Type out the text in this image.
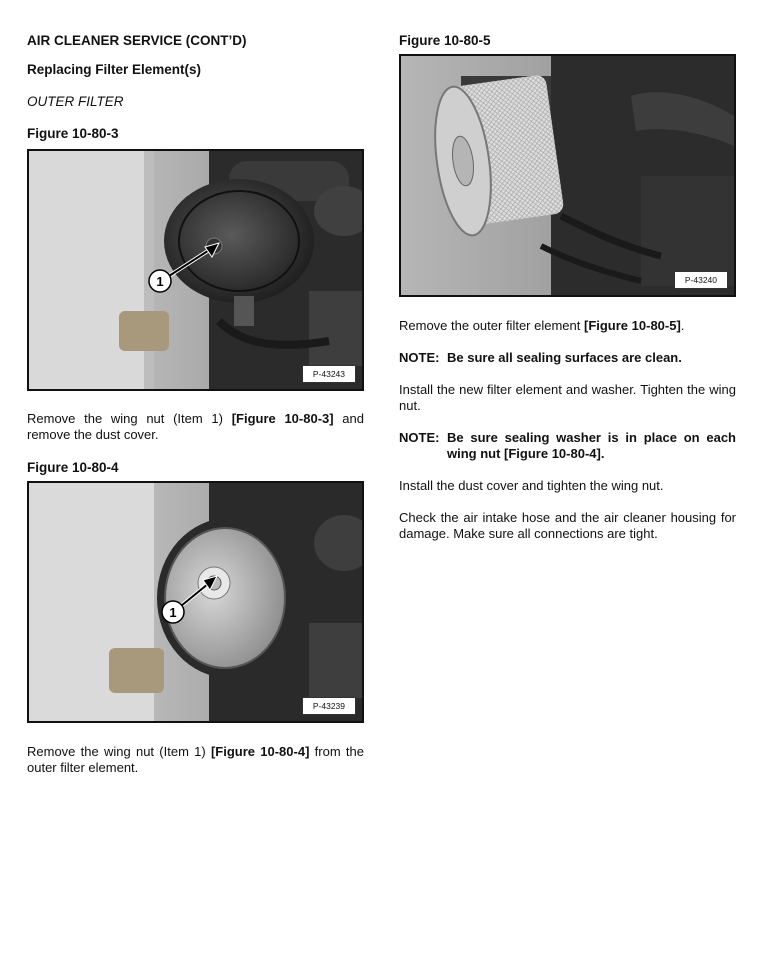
AIR CLEANER SERVICE (CONT’D)
Replacing Filter Element(s)
OUTER FILTER
Figure 10-80-3
1
P-43243
Remove the wing nut (Item 1) [Figure 10-80-3] and remove the dust cover.
Figure 10-80-4
1
P-43239
Remove the wing nut (Item 1) [Figure 10-80-4] from the outer filter element.
Figure 10-80-5
P-43240
Remove the outer filter element [Figure 10-80-5].
NOTE: Be sure all sealing surfaces are clean.
Install the new filter element and washer. Tighten the wing nut.
NOTE: Be sure sealing washer is in place on each wing nut [Figure 10-80-4].
Install the dust cover and tighten the wing nut.
Check the air intake hose and the air cleaner housing for damage. Make sure all connections are tight.
